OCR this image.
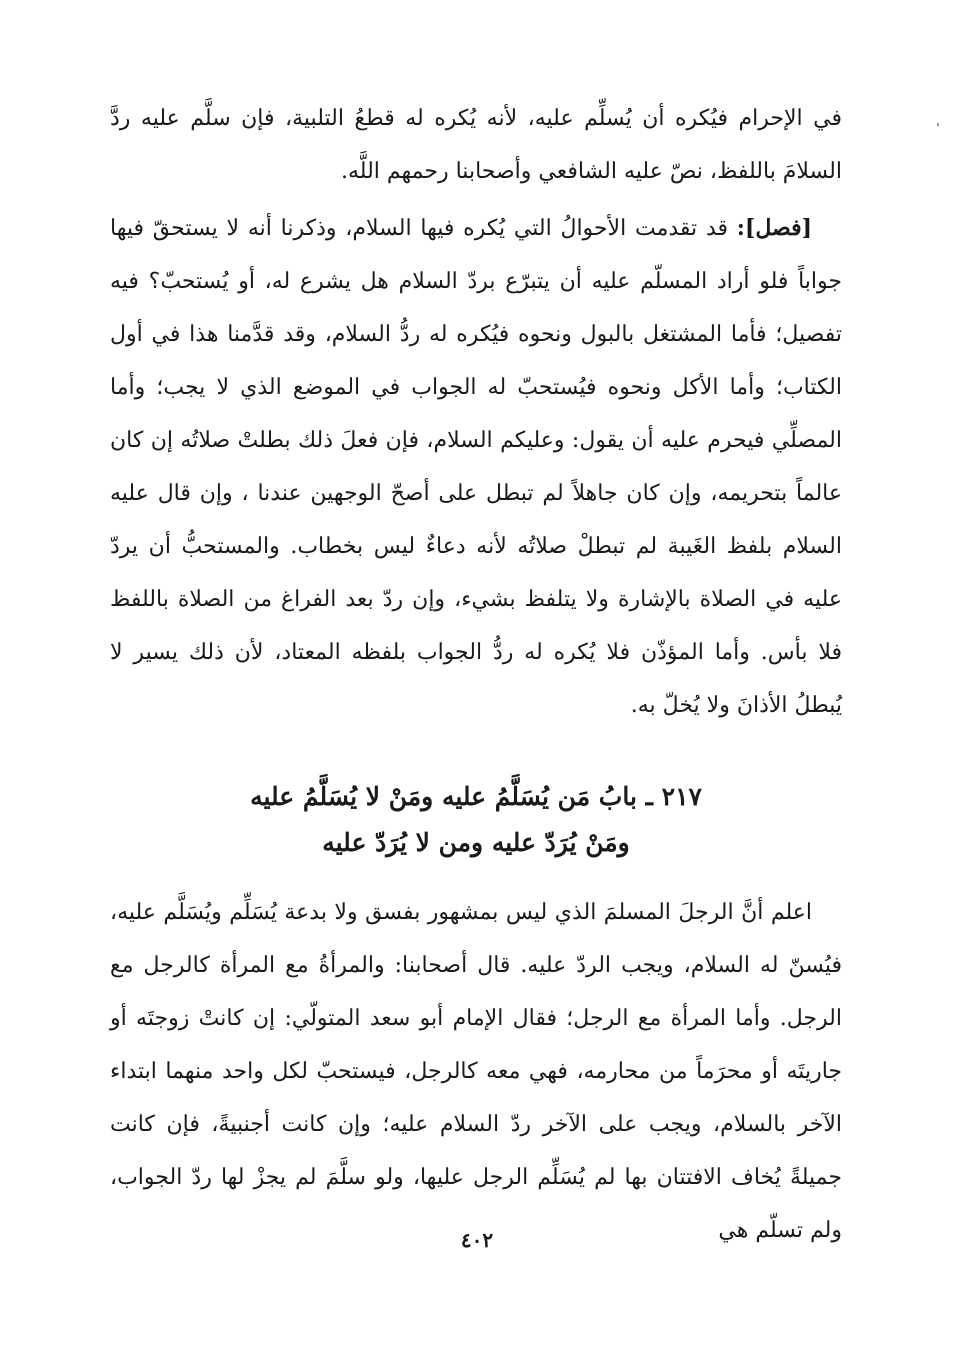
في الإحرام فيُكره أن يُسلِّم عليه، لأنه يُكره له قطعُ التلبية، فإن سلَّم عليه ردَّ السلامَ باللفظ، نصّ عليه الشافعي وأصحابنا رحمهم اللَّه.

[فصل]: قد تقدمت الأحوالُ التي يُكره فيها السلام، وذكرنا أنه لا يستحقّ فيها جواباً فلو أراد المسلّم عليه أن يتبرّع بردّ السلام هل يشرع له، أو يُستحبّ؟ فيه تفصيل؛ فأما المشتغل بالبول ونحوه فيُكره له ردُّ السلام، وقد قدَّمنا هذا في أول الكتاب؛ وأما الأكل ونحوه فيُستحبّ له الجواب في الموضع الذي لا يجب؛ وأما المصلِّي فيحرم عليه أن يقول: وعليكم السلام، فإن فعلَ ذلك بطلتْ صلاتُه إن كان عالماً بتحريمه، وإن كان جاهلاً لم تبطل على أصحّ الوجهين عندنا ، وإن قال عليه السلام بلفظ الغَيبة لم تبطلْ صلاتُه لأنه دعاءٌ ليس بخطاب. والمستحبُّ أن يردّ عليه في الصلاة بالإشارة ولا يتلفظ بشيء، وإن ردّ بعد الفراغ من الصلاة باللفظ فلا بأس. وأما المؤذّن فلا يُكره له ردُّ الجواب بلفظه المعتاد، لأن ذلك يسير لا يُبطلُ الأذانَ ولا يُخلّ به.

٢١٧ ـ بابُ مَن يُسَلَّمُ عليه ومَنْ لا يُسَلَّمُ عليه
ومَنْ يُرَدّ عليه ومن لا يُرَدّ عليه

اعلم أنَّ الرجلَ المسلمَ الذي ليس بمشهور بفسق ولا بدعة يُسَلِّم ويُسَلَّم عليه، فيُسنّ له السلام، ويجب الردّ عليه. قال أصحابنا: والمرأةُ مع المرأة كالرجل مع الرجل. وأما المرأة مع الرجل؛ فقال الإمام أبو سعد المتولّي: إن كانتْ زوجتَه أو جاريتَه أو محرَماً من محارمه، فهي معه كالرجل، فيستحبّ لكل واحد منهما ابتداء الآخر بالسلام، ويجب على الآخر ردّ السلام عليه؛ وإن كانت أجنبيةً، فإن كانت جميلةً يُخاف الافتتان بها لم يُسَلِّم الرجل عليها، ولو سلَّمَ لم يجزْ لها ردّ الجواب، ولم تسلّم هي

٤٠٢
